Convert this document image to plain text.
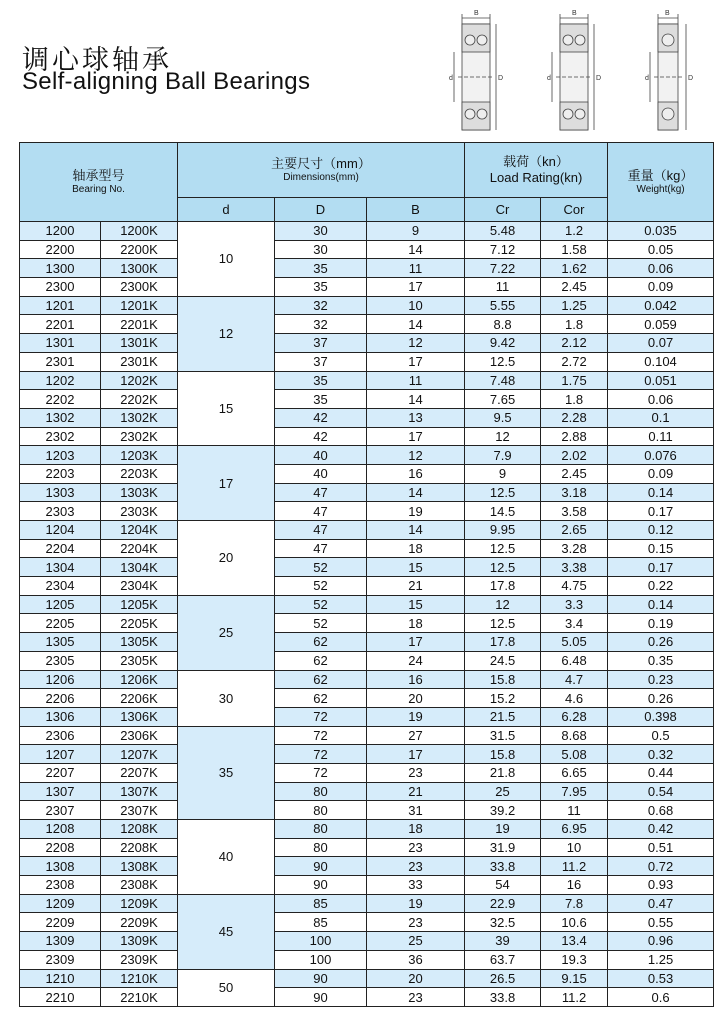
调心球轴承
Self-aligning Ball Bearings
B
d	D
B
d	D
B
d	D
轴承型号
Bearing No.		主要尺寸（mm）
Dimensions(mm)			载荷（kn）
Load Rating(kn)		重量（kg）
Weight(kg)

		d	D	B	Cr	Cor	
1200	1200K	10	30	9	5.48	1.2	0.035
2200	2200K		30	14	7.12	1.58	0.05
1300	1300K		35	11	7.22	1.62	0.06
2300	2300K		35	17	11	2.45	0.09
1201	1201K	12	32	10	5.55	1.25	0.042
2201	2201K		32	14	8.8	1.8	0.059
1301	1301K		37	12	9.42	2.12	0.07
2301	2301K		37	17	12.5	2.72	0.104
1202	1202K	15	35	11	7.48	1.75	0.051
2202	2202K		35	14	7.65	1.8	0.06
1302	1302K		42	13	9.5	2.28	0.1
2302	2302K		42	17	12	2.88	0.11
1203	1203K	17	40	12	7.9	2.02	0.076
2203	2203K		40	16	9	2.45	0.09
1303	1303K		47	14	12.5	3.18	0.14
2303	2303K		47	19	14.5	3.58	0.17
1204	1204K	20	47	14	9.95	2.65	0.12
2204	2204K		47	18	12.5	3.28	0.15
1304	1304K		52	15	12.5	3.38	0.17
2304	2304K		52	21	17.8	4.75	0.22
1205	1205K	25	52	15	12	3.3	0.14
2205	2205K		52	18	12.5	3.4	0.19
1305	1305K		62	17	17.8	5.05	0.26
2305	2305K		62	24	24.5	6.48	0.35
1206	1206K	30	62	16	15.8	4.7	0.23
2206	2206K		62	20	15.2	4.6	0.26
1306	1306K		72	19	21.5	6.28	0.398
2306	2306K	35	72	27	31.5	8.68	0.5
1207	1207K		72	17	15.8	5.08	0.32
2207	2207K		72	23	21.8	6.65	0.44
1307	1307K		80	21	25	7.95	0.54
2307	2307K		80	31	39.2	11	0.68
1208	1208K	40	80	18	19	6.95	0.42
2208	2208K		80	23	31.9	10	0.51
1308	1308K		90	23	33.8	11.2	0.72
2308	2308K		90	33	54	16	0.93
1209	1209K	45	85	19	22.9	7.8	0.47
2209	2209K		85	23	32.5	10.6	0.55
1309	1309K		100	25	39	13.4	0.96
2309	2309K		100	36	63.7	19.3	1.25
1210	1210K	50	90	20	26.5	9.15	0.53
2210	2210K		90	23	33.8	11.2	0.6
